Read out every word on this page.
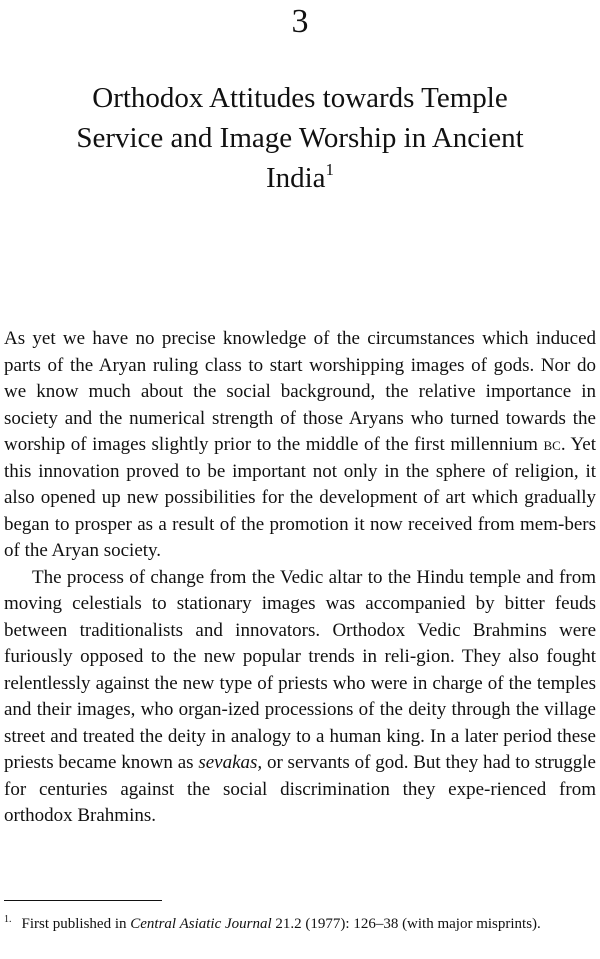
3
Orthodox Attitudes towards Temple
Service and Image Worship in Ancient
India$^1$

As yet we have no precise knowledge of the circumstances which induced parts of the Aryan ruling class to start worshipping images of gods. Nor do we know much about the social background, the relative importance in society and the numerical strength of those Aryans who turned towards the worship of images slightly prior to the middle of the first millennium bc. Yet this innovation proved to be important not only in the sphere of religion, it also opened up new possibilities for the development of art which gradually began to prosper as a result of the promotion it now received from mem-bers of the Aryan society.

The process of change from the Vedic altar to the Hindu temple and from moving celestials to stationary images was accompanied by bitter feuds between traditionalists and innovators. Orthodox Vedic Brahmins were furiously opposed to the new popular trends in reli-gion. They also fought relentlessly against the new type of priests who were in charge of the temples and their images, who organ-ized processions of the deity through the village street and treated the deity in analogy to a human king. In a later period these priests became known as sevakas, or servants of god. But they had to struggle for centuries against the social discrimination they expe-rienced from orthodox Brahmins.

$^{1.}$ First published in Central Asiatic Journal 21.2 (1977): 126–38 (with major misprints).
